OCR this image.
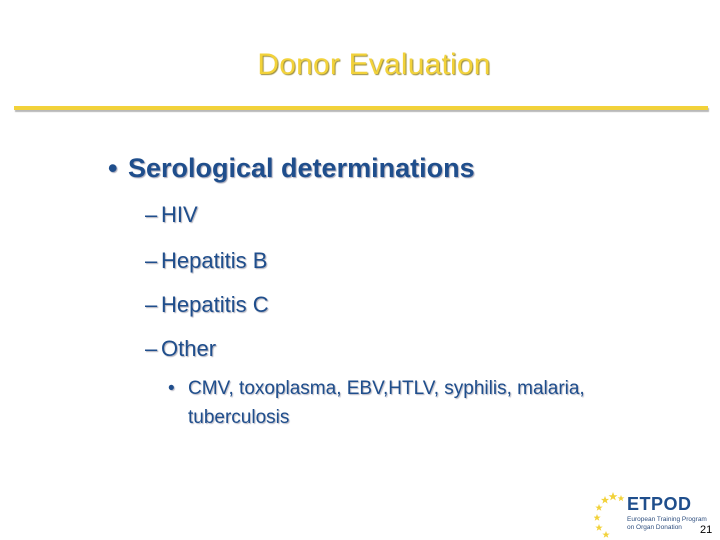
Donor Evaluation
• Serological determinations
– HIV
– Hepatitis B
– Hepatitis C
– Other
• CMV, toxoplasma, EBV,HTLV, syphilis, malaria, tuberculosis
ETPOD
European Training Program
on Organ Donation	21
